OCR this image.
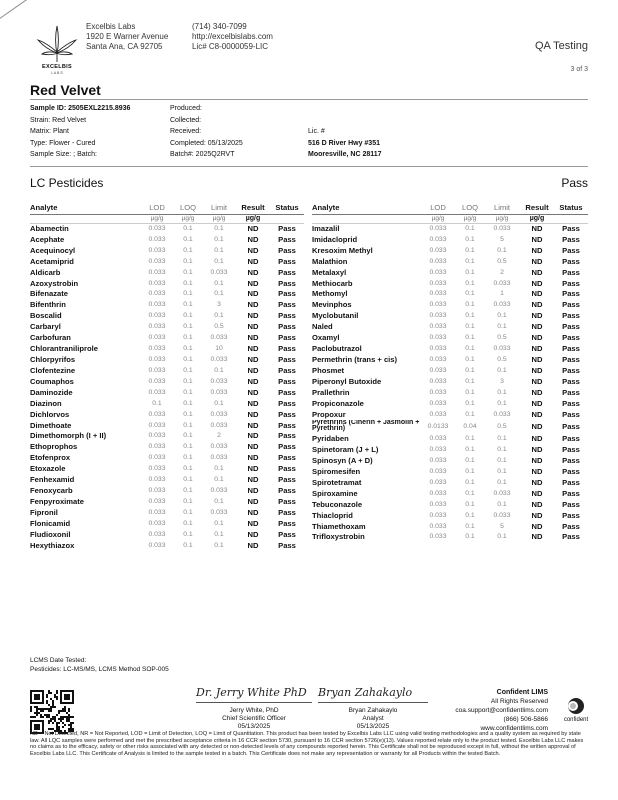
EXCELBIS
L A B S
Excelbis Labs
1920 E Warner Avenue
Santa Ana, CA 92705
(714) 340-7099
http://excelbislabs.com
Lic# C8-0000059-LIC	QA Testing
3 of 3
Red Velvet
Sample ID: 2505EXL2215.8936
Strain: Red Velvet
Matrix: Plant
Type: Flower - Cured
Sample Size: ; Batch:
Produced:
Collected:
Received:
Completed: 05/13/2025
Batch#: 2025Q2RVT
Lic. #
516 D River Hwy #351
Mooresville, NC 28117
LC Pesticides	Pass
Analyte	LOD	LOQ	Limit	Result	Status
	µg/g	µg/g	µg/g	µg/g	
Abamectin	0.033	0.1	0.1	ND	Pass
Acephate	0.033	0.1	0.1	ND	Pass
Acequinocyl	0.033	0.1	0.1	ND	Pass
Acetamiprid	0.033	0.1	0.1	ND	Pass
Aldicarb	0.033	0.1	0.033	ND	Pass
Azoxystrobin	0.033	0.1	0.1	ND	Pass
Bifenazate	0.033	0.1	0.1	ND	Pass
Bifenthrin	0.033	0.1	3	ND	Pass
Boscalid	0.033	0.1	0.1	ND	Pass
Carbaryl	0.033	0.1	0.5	ND	Pass
Carbofuran	0.033	0.1	0.033	ND	Pass
Chlorantraniliprole	0.033	0.1	10	ND	Pass
Chlorpyrifos	0.033	0.1	0.033	ND	Pass
Clofentezine	0.033	0.1	0.1	ND	Pass
Coumaphos	0.033	0.1	0.033	ND	Pass
Daminozide	0.033	0.1	0.033	ND	Pass
Diazinon	0.1	0.1	0.1	ND	Pass
Dichlorvos	0.033	0.1	0.033	ND	Pass
Dimethoate	0.033	0.1	0.033	ND	Pass
Dimethomorph (I + II)	0.033	0.1	2	ND	Pass
Ethoprophos	0.033	0.1	0.033	ND	Pass
Etofenprox	0.033	0.1	0.033	ND	Pass
Etoxazole	0.033	0.1	0.1	ND	Pass
Fenhexamid	0.033	0.1	0.1	ND	Pass
Fenoxycarb	0.033	0.1	0.033	ND	Pass
Fenpyroximate	0.033	0.1	0.1	ND	Pass
Fipronil	0.033	0.1	0.033	ND	Pass
Flonicamid	0.033	0.1	0.1	ND	Pass
Fludioxonil	0.033	0.1	0.1	ND	Pass
Hexythiazox	0.033	0.1	0.1	ND	Pass
Analyte	LOD	LOQ	Limit	Result	Status
	µg/g	µg/g	µg/g	µg/g	
Imazalil	0.033	0.1	0.033	ND	Pass
Imidacloprid	0.033	0.1	5	ND	Pass
Kresoxim Methyl	0.033	0.1	0.1	ND	Pass
Malathion	0.033	0.1	0.5	ND	Pass
Metalaxyl	0.033	0.1	2	ND	Pass
Methiocarb	0.033	0.1	0.033	ND	Pass
Methomyl	0.033	0.1	1	ND	Pass
Mevinphos	0.033	0.1	0.033	ND	Pass
Myclobutanil	0.033	0.1	0.1	ND	Pass
Naled	0.033	0.1	0.1	ND	Pass
Oxamyl	0.033	0.1	0.5	ND	Pass
Paclobutrazol	0.033	0.1	0.033	ND	Pass
Permethrin (trans + cis)	0.033	0.1	0.5	ND	Pass
Phosmet	0.033	0.1	0.1	ND	Pass
Piperonyl Butoxide	0.033	0.1	3	ND	Pass
Prallethrin	0.033	0.1	0.1	ND	Pass
Propiconazole	0.033	0.1	0.1	ND	Pass
Propoxur	0.033	0.1	0.033	ND	Pass
Pyrethrins (Cinerin + Jasmolin + Pyrethrin)	0.0133	0.04	0.5	ND	Pass
Pyridaben	0.033	0.1	0.1	ND	Pass
Spinetoram (J + L)	0.033	0.1	0.1	ND	Pass
Spinosyn (A + D)	0.033	0.1	0.1	ND	Pass
Spiromesifen	0.033	0.1	0.1	ND	Pass
Spirotetramat	0.033	0.1	0.1	ND	Pass
Spiroxamine	0.033	0.1	0.033	ND	Pass
Tebuconazole	0.033	0.1	0.1	ND	Pass
Thiacloprid	0.033	0.1	0.033	ND	Pass
Thiamethoxam	0.033	0.1	5	ND	Pass
Trifloxystrobin	0.033	0.1	0.1	ND	Pass
LCMS Date Tested:
Pesticides: LC-MS/MS, LCMS Method SOP-005
Dr. Jerry White PhD Bryan Zahakaylo
Jerry White, PhD
Chief Scientific Officer
05/13/2025
Bryan Zahakaylo
Analyst
05/13/2025
Confident LIMS
All Rights Reserved
coa.support@confidentlims.com
(866) 506-5866
www.confidentlims.com
confident
ND = Not Detected, NR = Not Reported, LOD = Limit of Detection, LOQ = Limit of Quantitation. This product has been tested by Excelbis Labs LLC using valid testing methodologies and a quality system as required by state law. All LQC samples were performed and met the prescribed acceptance criteria in 16 CCR section 5730, pursuant to 16 CCR section 5726(e)(13). Values reported relate only to the product tested. Excelbis Labs LLC makes no claims as to the efficacy, safety or other risks associated with any detected or non-detected levels of any compounds reported herein. This Certificate shall not be reproduced except in full, without the written approval of Excelbis Labs LLC. This Certificate of Analysis is limited to the sample tested in a batch. This Certificate does not make any representation or warranty for all Products within the tested Batch.
